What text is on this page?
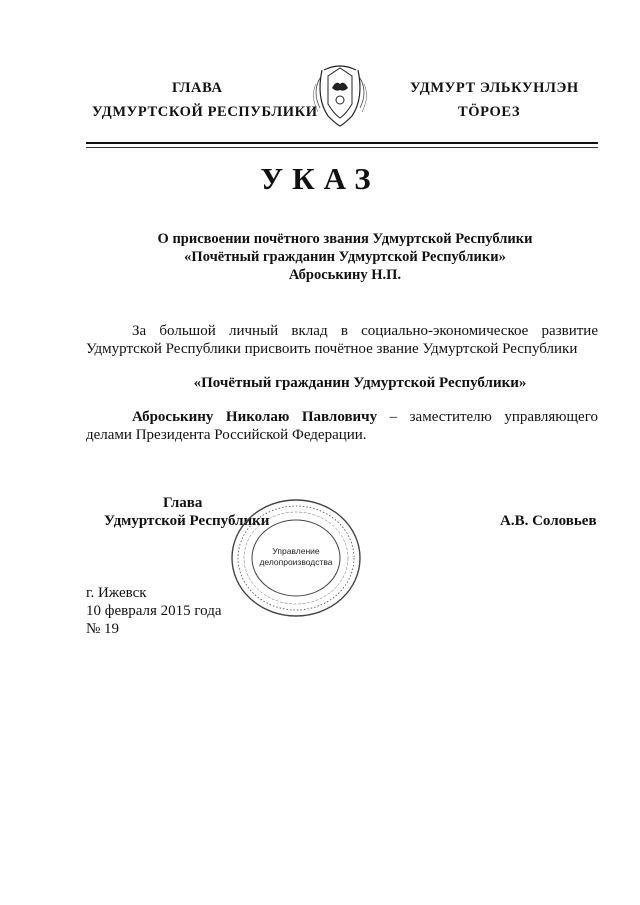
ГЛАВА
УДМУРТСКОЙ РЕСПУБЛИКИ
УДМУРТ ЭЛЬКУНЛЭН
ТӦРОЕЗ
УКАЗ
О присвоении почётного звания Удмуртской Республики
«Почётный гражданин Удмуртской Республики»
Аброськину Н.П.
За большой личный вклад в социально-экономическое развитие Удмуртской Республики присвоить почётное звание Удмуртской Республики
«Почётный гражданин Удмуртской Республики»
Аброськину Николаю Павловичу – заместителю управляющего делами Президента Российской Федерации.
Глава
Удмуртской Республики	А.В. Соловьев
Управление
делопроизводства
г. Ижевск
10 февраля 2015 года
№ 19
